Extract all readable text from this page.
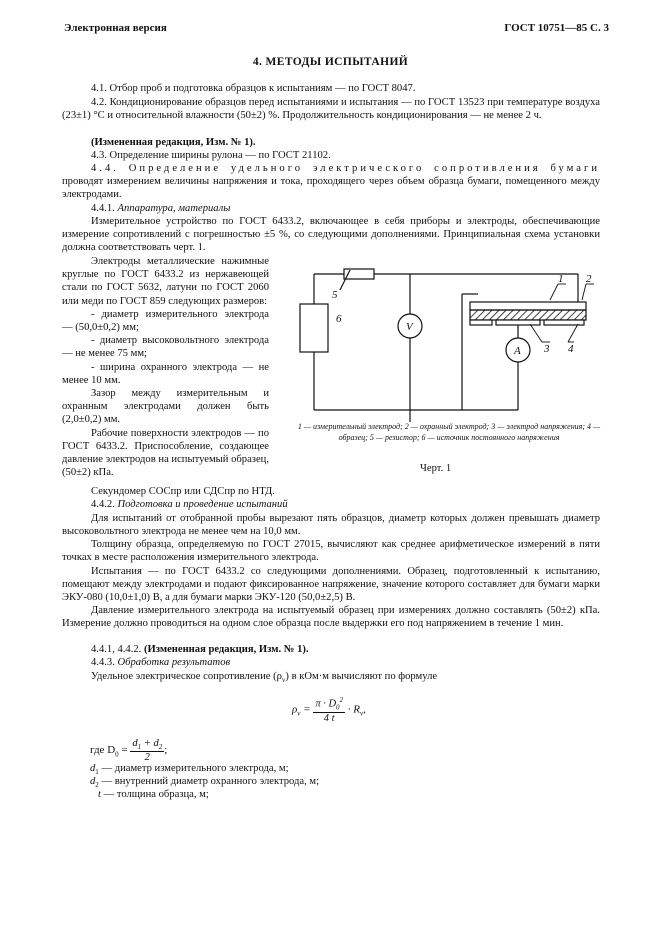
Электронная версия	ГОСТ 10751—85 С. 3
4. МЕТОДЫ ИСПЫТАНИЙ

4.1. Отбор проб и подготовка образцов к испытаниям — по ГОСТ 8047.

4.2. Кондиционирование образцов перед испытаниями и испытания — по ГОСТ 13523 при температуре воздуха (23±1) °С и относительной влажности (50±2) %. Продолжительность кондиционирования — не менее 2 ч.

(Измененная редакция, Изм. № 1).

4.3. Определение ширины рулона — по ГОСТ 21102.

4.4. Определение удельного электрического сопротивления бумаги проводят измерением величины напряжения и тока, проходящего через объем образца бумаги, помещенного между электродами.

4.4.1. Аппаратура, материалы

Измерительное устройство по ГОСТ 6433.2, включающее в себя приборы и электроды, обеспечивающие измерение сопротивлений с погрешностью ±5 %, со следующими дополнениями. Принципиальная схема установки должна соответствовать черт. 1.

Электроды металлические нажимные круглые по ГОСТ 6433.2 из нержавеющей стали по ГОСТ 5632, латуни по ГОСТ 2060 или меди по ГОСТ 859 следующих размеров:

- диаметр измерительного электрода — (50,0±0,2) мм;

- диаметр высоковольтного электрода — не менее 75 мм;

- ширина охранного электрода — не менее 10 мм.

Зазор между измерительным и охранным электродами должен быть (2,0±0,2) мм.

Рабочие поверхности электродов — по ГОСТ 6433.2. Приспособление, создающее давление электродов на испытуемый образец, (50±2) кПа.

1 2
3 4
5
6
V
A
1 — измерительный электрод; 2 — охранный электрод; 3 — электрод напряжения; 4 — образец; 5 — резистор; 6 — источник постоянного напряжения
Черт. 1

Секундомер СОСпр или СДСпр по НТД.

4.4.2. Подготовка и проведение испытаний

Для испытаний от отобранной пробы вырезают пять образцов, диаметр которых должен превышать диаметр высоковольтного электрода не менее чем на 10,0 мм.

Толщину образца, определяемую по ГОСТ 27015, вычисляют как среднее арифметическое измерений в пяти точках в месте расположения измерительного электрода.

Испытания — по ГОСТ 6433.2 со следующими дополнениями. Образец, подготовленный к испытанию, помещают между электродами и подают фиксированное напряжение, значение которого составляет для бумаги марки ЭКУ-080 (10,0±1,0) В, а для бумаги марки ЭКУ-120 (50,0±2,5) В.

Давление измерительного электрода на испытуемый образец при измерениях должно составлять (50±2) кПа. Измерение должно проводиться на одном слое образца после выдержки его под напряжением в течение 1 мин.

4.4.1, 4.4.2. (Измененная редакция, Изм. № 1).

4.4.3. Обработка результатов

Удельное электрическое сопротивление $(\rho_v)$ в кОм·м вычисляют по формуле

$\rho_v = \frac{\pi \cdot D_0^2}{4 t} \cdot R_v$,
где $D_0 = \frac{d_1 + d_2}{2}$ ;

$d_1$ — диаметр измерительного электрода, м;

$d_2$ — внутренний диаметр охранного электрода, м;

t — толщина образца, м;
